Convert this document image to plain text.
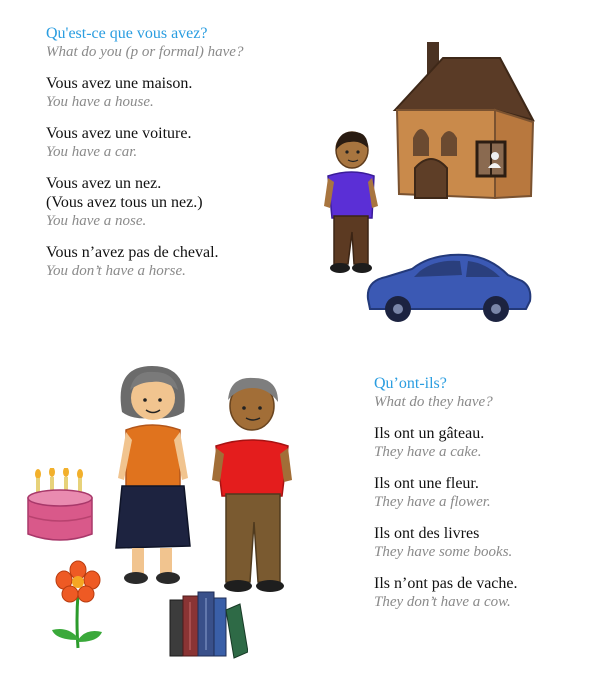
Qu'est-ce que vous avez?
What do you (p or formal) have?
Vous avez une maison.
You have a house.
Vous avez une voiture.
You have a car.
Vous avez un nez.
(Vous avez tous un nez.)
You have a nose.
Vous n’avez pas de cheval.
You don’t have a horse.
Qu’ont-ils?
What do they have?
Ils ont un gâteau.
They have a cake.
Ils ont une fleur.
They have a flower.
Ils ont des livres
They have some books.
Ils n’ont pas de vache.
They don’t have a cow.
